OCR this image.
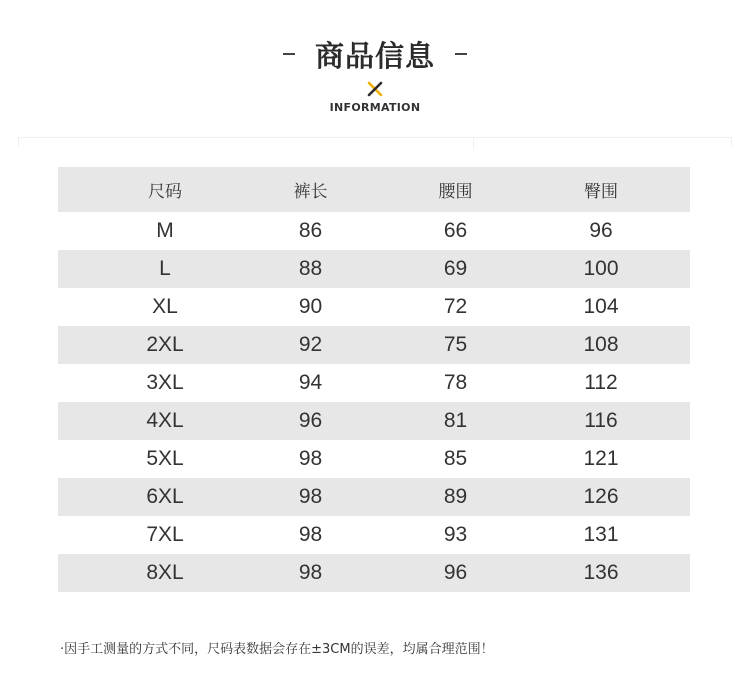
商品信息
INFORMATION
尺码	裤长	腰围	臀围
M	86	66	96
L	88	69	100
XL	90	72	104
2XL	92	75	108
3XL	94	78	112
4XL	96	81	116
5XL	98	85	121
6XL	98	89	126
7XL	98	93	131
8XL	98	96	136
·因手工测量的方式不同，尺码表数据会存在±3CM的误差，均属合理范围！
